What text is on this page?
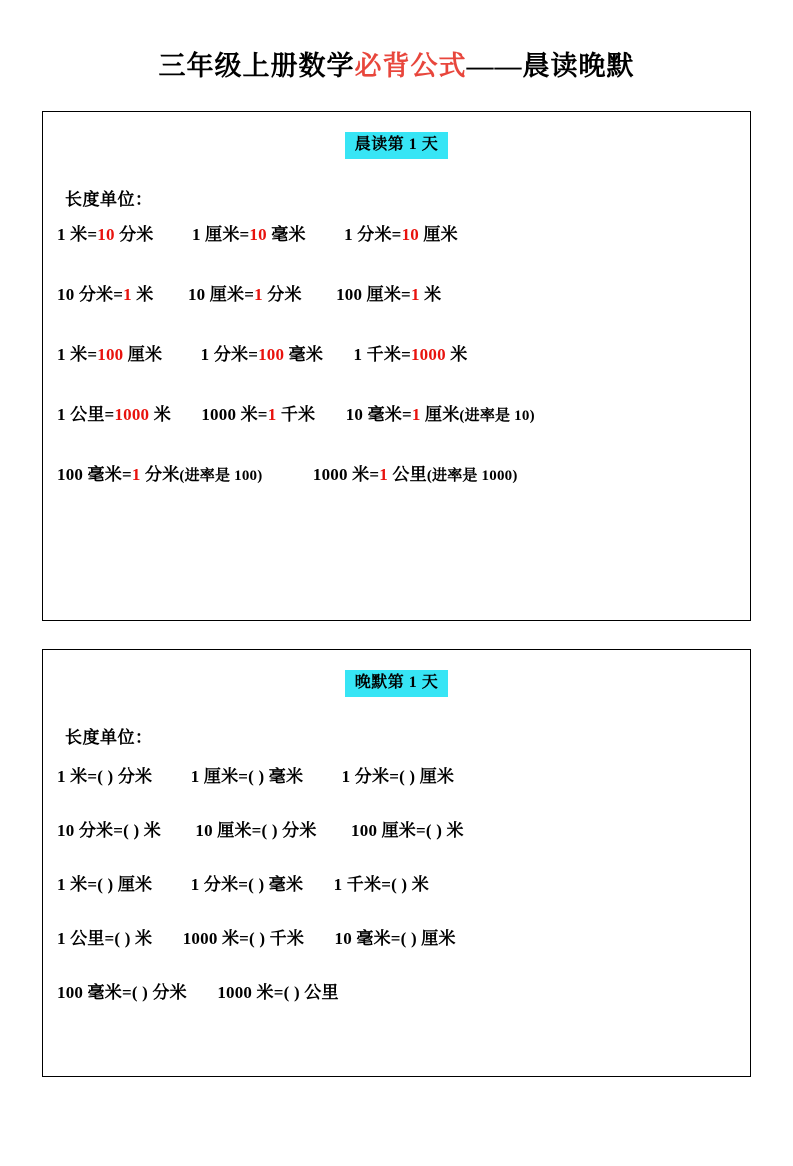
三年级上册数学必背公式——晨读晚默
晨读第 1 天
长度单位：
1 米=10 分米 1 厘米=10 毫米 1 分米=10 厘米
10 分米=1 米 10 厘米=1 分米 100 厘米=1 米
1 米=100 厘米 1 分米=100 毫米 1 千米=1000 米
1 公里=1000 米 1000 米=1 千米 10 毫米=1 厘米(进率是 10)
100 毫米=1 分米(进率是 100)	1000 米=1 公里(进率是 1000)
晚默第 1 天
长度单位：
1 米=( ) 分米 1 厘米=( ) 毫米 1 分米=( ) 厘米
10 分米=( ) 米 10 厘米=( ) 分米 100 厘米=( ) 米
1 米=( ) 厘米 1 分米=( ) 毫米 1 千米=( ) 米
1 公里=( ) 米 1000 米=( ) 千米 10 毫米=( ) 厘米
100 毫米=( ) 分米 1000 米=( ) 公里
